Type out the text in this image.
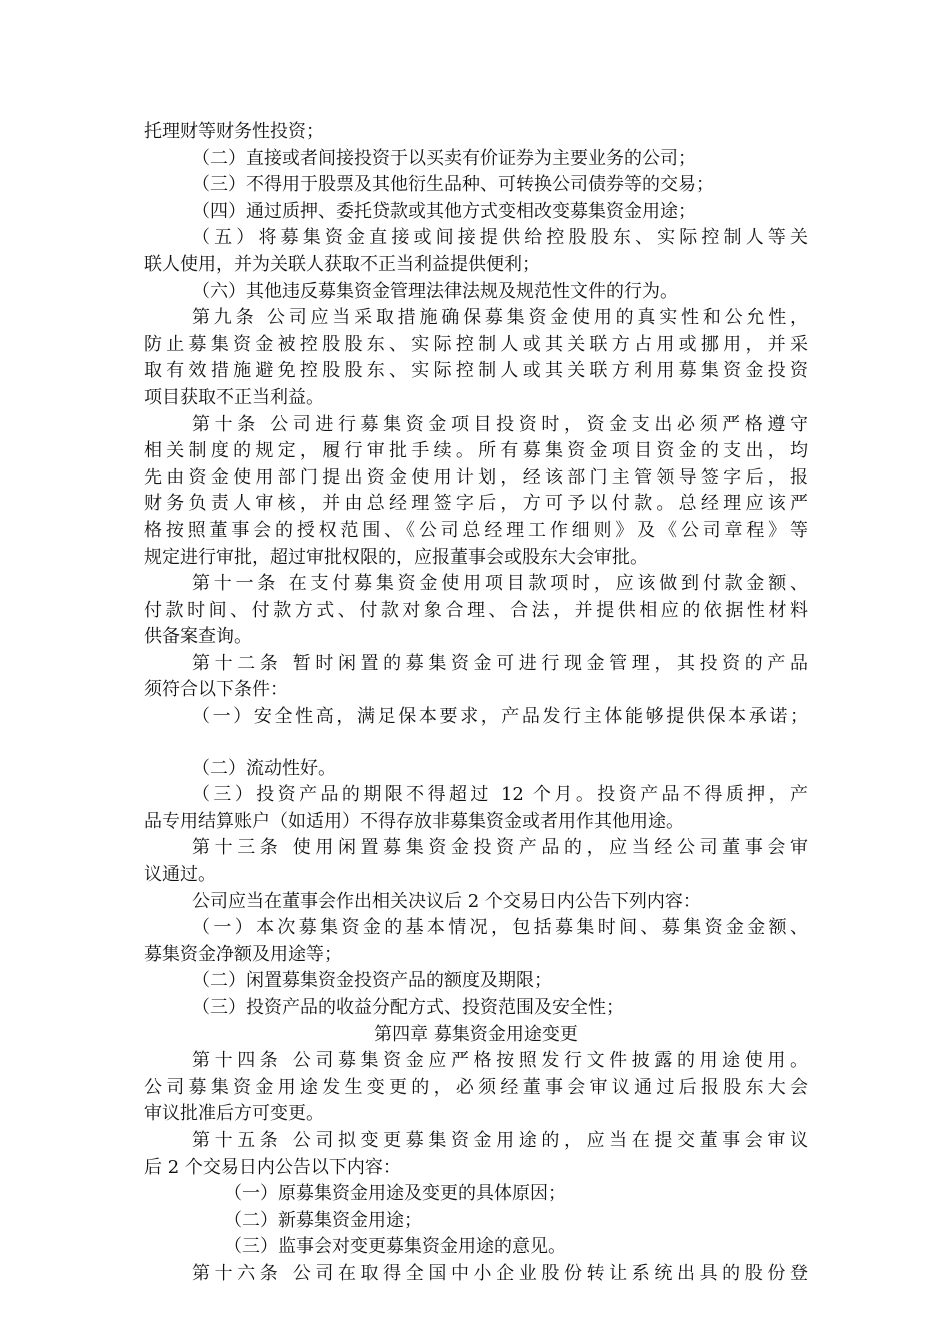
托理财等财务性投资；
（二）直接或者间接投资于以买卖有价证券为主要业务的公司；
（三）不得用于股票及其他衍生品种、可转换公司债券等的交易；
（四）通过质押、委托贷款或其他方式变相改变募集资金用途；
（五）将募集资金直接或间接提供给控股股东、实际控制人等关
联人使用，并为关联人获取不正当利益提供便利；
（六）其他违反募集资金管理法律法规及规范性文件的行为。
第九条 公司应当采取措施确保募集资金使用的真实性和公允性，
防止募集资金被控股股东、实际控制人或其关联方占用或挪用，并采
取有效措施避免控股股东、实际控制人或其关联方利用募集资金投资
项目获取不正当利益。
第十条 公司进行募集资金项目投资时，资金支出必须严格遵守
相关制度的规定，履行审批手续。所有募集资金项目资金的支出，均
先由资金使用部门提出资金使用计划，经该部门主管领导签字后，报
财务负责人审核，并由总经理签字后，方可予以付款。总经理应该严
格按照董事会的授权范围、《公司总经理工作细则》及《公司章程》等
规定进行审批，超过审批权限的，应报董事会或股东大会审批。
第十一条 在支付募集资金使用项目款项时，应该做到付款金额、
付款时间、付款方式、付款对象合理、合法，并提供相应的依据性材料
供备案查询。
第十二条 暂时闲置的募集资金可进行现金管理，其投资的产品
须符合以下条件：
（一）安全性高，满足保本要求，产品发行主体能够提供保本承诺；
（二）流动性好。
（三）投资产品的期限不得超过 12 个月。投资产品不得质押，产
品专用结算账户（如适用）不得存放非募集资金或者用作其他用途。
第十三条 使用闲置募集资金投资产品的，应当经公司董事会审
议通过。
公司应当在董事会作出相关决议后 2 个交易日内公告下列内容：
（一）本次募集资金的基本情况，包括募集时间、募集资金金额、
募集资金净额及用途等；
（二）闲置募集资金投资产品的额度及期限；
（三）投资产品的收益分配方式、投资范围及安全性；
第四章 募集资金用途变更
第十四条 公司募集资金应严格按照发行文件披露的用途使用。
公司募集资金用途发生变更的，必须经董事会审议通过后报股东大会
审议批准后方可变更。
第十五条 公司拟变更募集资金用途的，应当在提交董事会审议
后 2 个交易日内公告以下内容：
（一）原募集资金用途及变更的具体原因；
（二）新募集资金用途；
（三）监事会对变更募集资金用途的意见。
第十六条 公司在取得全国中小企业股份转让系统出具的股份登
